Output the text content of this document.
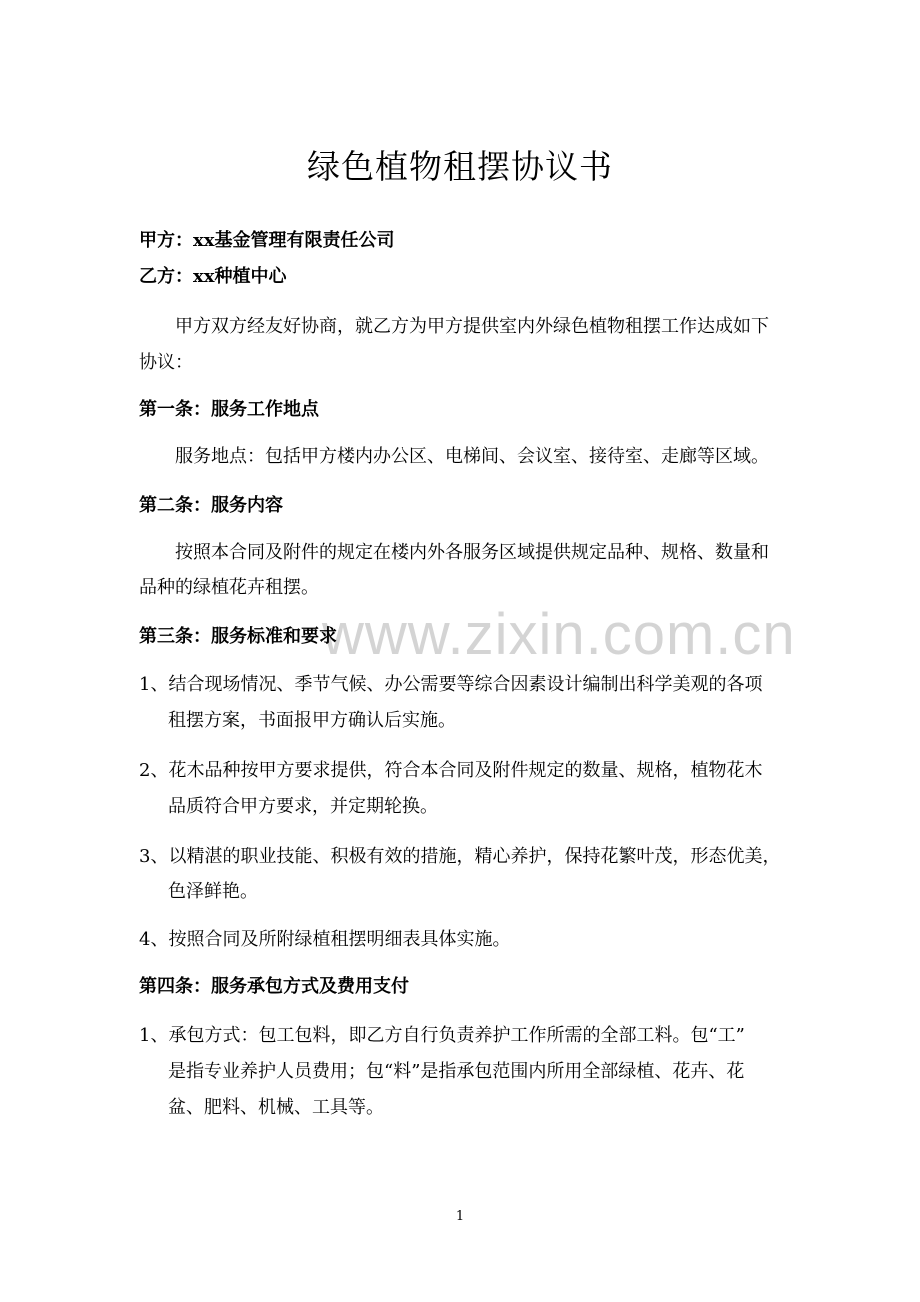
绿色植物租摆协议书
甲方：xx基金管理有限责任公司
乙方：xx种植中心
甲方双方经友好协商，就乙方为甲方提供室内外绿色植物租摆工作达成如下
协议：
第一条：服务工作地点
服务地点：包括甲方楼内办公区、电梯间、会议室、接待室、走廊等区域。
第二条：服务内容
按照本合同及附件的规定在楼内外各服务区域提供规定品种、规格、数量和
品种的绿植花卉租摆。
www.zixin.com.cn
第三条：服务标准和要求
1、结合现场情况、季节气候、办公需要等综合因素设计编制出科学美观的各项
租摆方案，书面报甲方确认后实施。
2、花木品种按甲方要求提供，符合本合同及附件规定的数量、规格，植物花木
品质符合甲方要求，并定期轮换。
3、以精湛的职业技能、积极有效的措施，精心养护，保持花繁叶茂，形态优美，
色泽鲜艳。
4、按照合同及所附绿植租摆明细表具体实施。
第四条：服务承包方式及费用支付
1、承包方式：包工包料，即乙方自行负责养护工作所需的全部工料。包“工”
是指专业养护人员费用；包“料”是指承包范围内所用全部绿植、花卉、花
盆、肥料、机械、工具等。
1
